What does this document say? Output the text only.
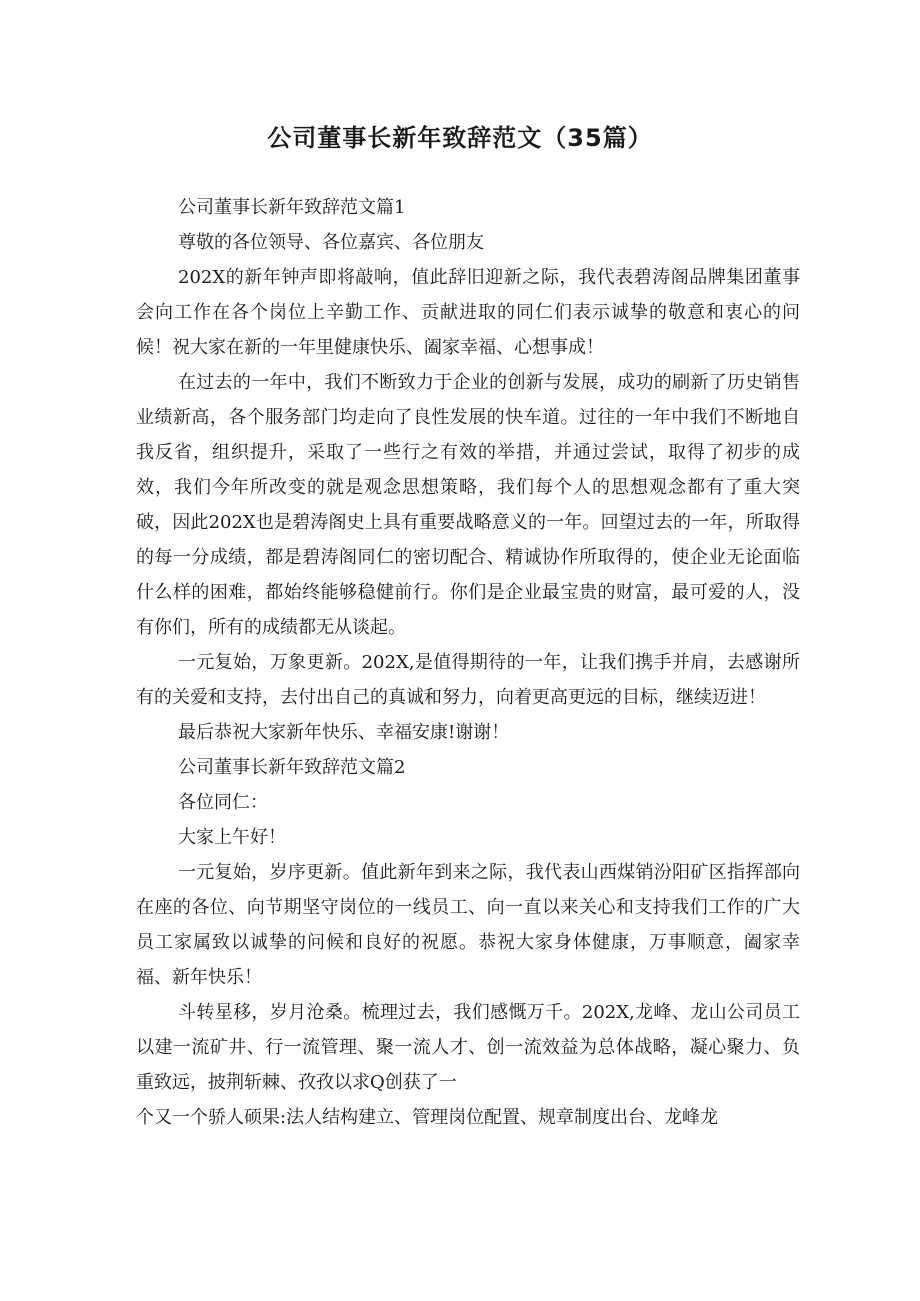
公司董事长新年致辞范文（35篇）

公司董事长新年致辞范文篇1

尊敬的各位领导、各位嘉宾、各位朋友

202X的新年钟声即将敲响，值此辞旧迎新之际，我代表碧涛阁品牌集团董事会向工作在各个岗位上辛勤工作、贡献进取的同仁们表示诚挚的敬意和衷心的问候！祝大家在新的一年里健康快乐、阖家幸福、心想事成！

在过去的一年中，我们不断致力于企业的创新与发展，成功的刷新了历史销售业绩新高，各个服务部门均走向了良性发展的快车道。过往的一年中我们不断地自我反省，组织提升，采取了一些行之有效的举措，并通过尝试，取得了初步的成效，我们今年所改变的就是观念思想策略，我们每个人的思想观念都有了重大突破，因此202X也是碧涛阁史上具有重要战略意义的一年。回望过去的一年，所取得的每一分成绩，都是碧涛阁同仁的密切配合、精诚协作所取得的，使企业无论面临什么样的困难，都始终能够稳健前行。你们是企业最宝贵的财富，最可爱的人，没有你们，所有的成绩都无从谈起。

一元复始，万象更新。202X,是值得期待的一年，让我们携手并肩，去感谢所有的关爱和支持，去付出自己的真诚和努力，向着更高更远的目标，继续迈进！

最后恭祝大家新年快乐、幸福安康!谢谢！

公司董事长新年致辞范文篇2

各位同仁：

大家上午好！

一元复始，岁序更新。值此新年到来之际，我代表山西煤销汾阳矿区指挥部向在座的各位、向节期坚守岗位的一线员工、向一直以来关心和支持我们工作的广大员工家属致以诚挚的问候和良好的祝愿。恭祝大家身体健康，万事顺意，阖家幸福、新年快乐！

斗转星移，岁月沧桑。梳理过去，我们感慨万千。202X,龙峰、龙山公司员工以建一流矿井、行一流管理、聚一流人才、创一流效益为总体战略，凝心聚力、负重致远，披荆斩棘、孜孜以求Q创获了一

个又一个骄人硕果:法人结构建立、管理岗位配置、规章制度出台、龙峰龙
